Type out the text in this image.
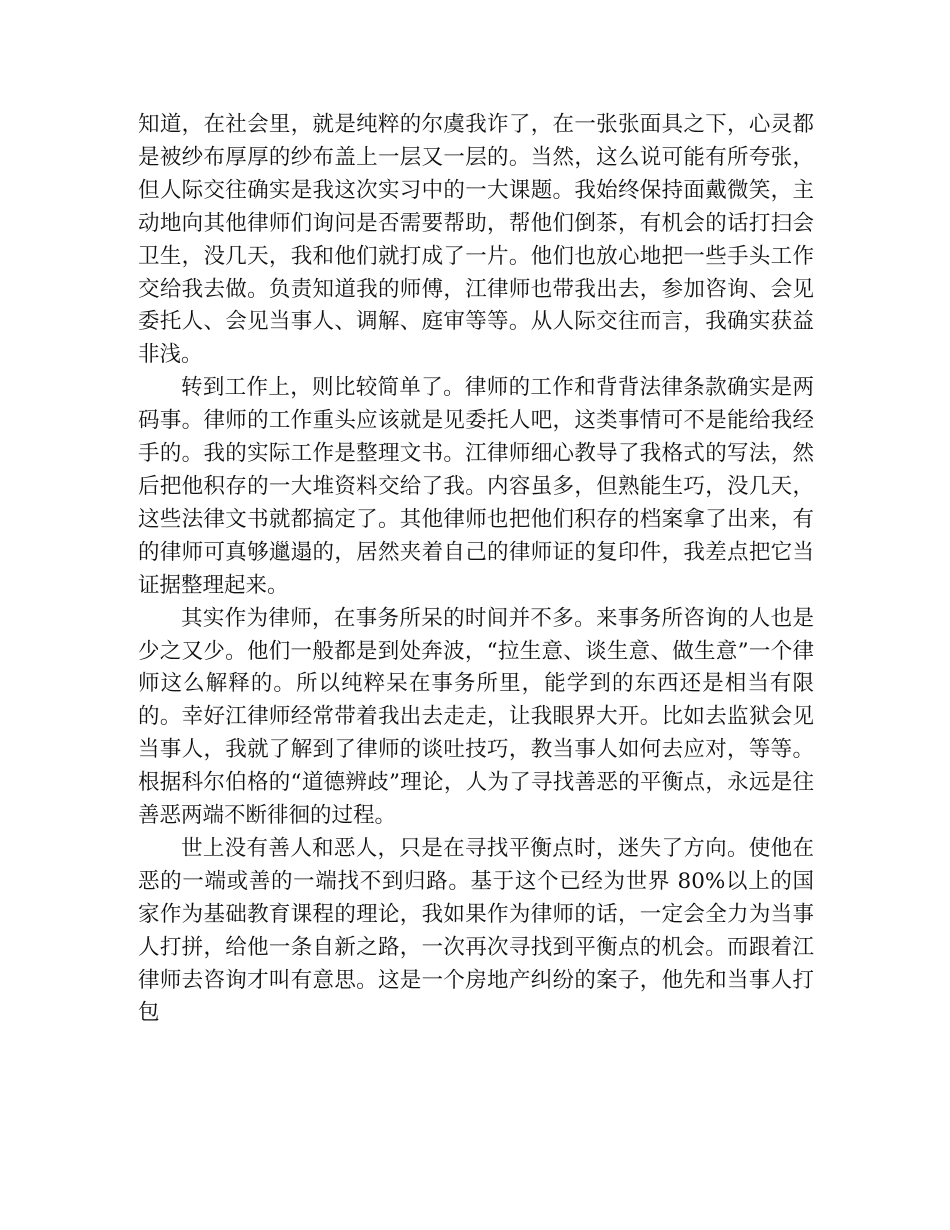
知道，在社会里，就是纯粹的尔虞我诈了，在一张张面具之下，心灵都是被纱布厚厚的纱布盖上一层又一层的。当然，这么说可能有所夸张，但人际交往确实是我这次实习中的一大课题。我始终保持面戴微笑，主动地向其他律师们询问是否需要帮助，帮他们倒茶，有机会的话打扫会卫生，没几天，我和他们就打成了一片。他们也放心地把一些手头工作交给我去做。负责知道我的师傅，江律师也带我出去，参加咨询、会见委托人、会见当事人、调解、庭审等等。从人际交往而言，我确实获益非浅。

转到工作上，则比较简单了。律师的工作和背背法律条款确实是两码事。律师的工作重头应该就是见委托人吧，这类事情可不是能给我经手的。我的实际工作是整理文书。江律师细心教导了我格式的写法，然后把他积存的一大堆资料交给了我。内容虽多，但熟能生巧，没几天，这些法律文书就都搞定了。其他律师也把他们积存的档案拿了出来，有的律师可真够邋遢的，居然夹着自己的律师证的复印件，我差点把它当证据整理起来。

其实作为律师，在事务所呆的时间并不多。来事务所咨询的人也是少之又少。他们一般都是到处奔波，“拉生意、谈生意、做生意”一个律师这么解释的。所以纯粹呆在事务所里，能学到的东西还是相当有限的。幸好江律师经常带着我出去走走，让我眼界大开。比如去监狱会见当事人，我就了解到了律师的谈吐技巧，教当事人如何去应对，等等。根据科尔伯格的“道德辨歧”理论，人为了寻找善恶的平衡点，永远是往善恶两端不断徘徊的过程。

世上没有善人和恶人，只是在寻找平衡点时，迷失了方向。使他在恶的一端或善的一端找不到归路。基于这个已经为世界 80%以上的国家作为基础教育课程的理论，我如果作为律师的话，一定会全力为当事人打拼，给他一条自新之路，一次再次寻找到平衡点的机会。而跟着江律师去咨询才叫有意思。这是一个房地产纠纷的案子，他先和当事人打包
